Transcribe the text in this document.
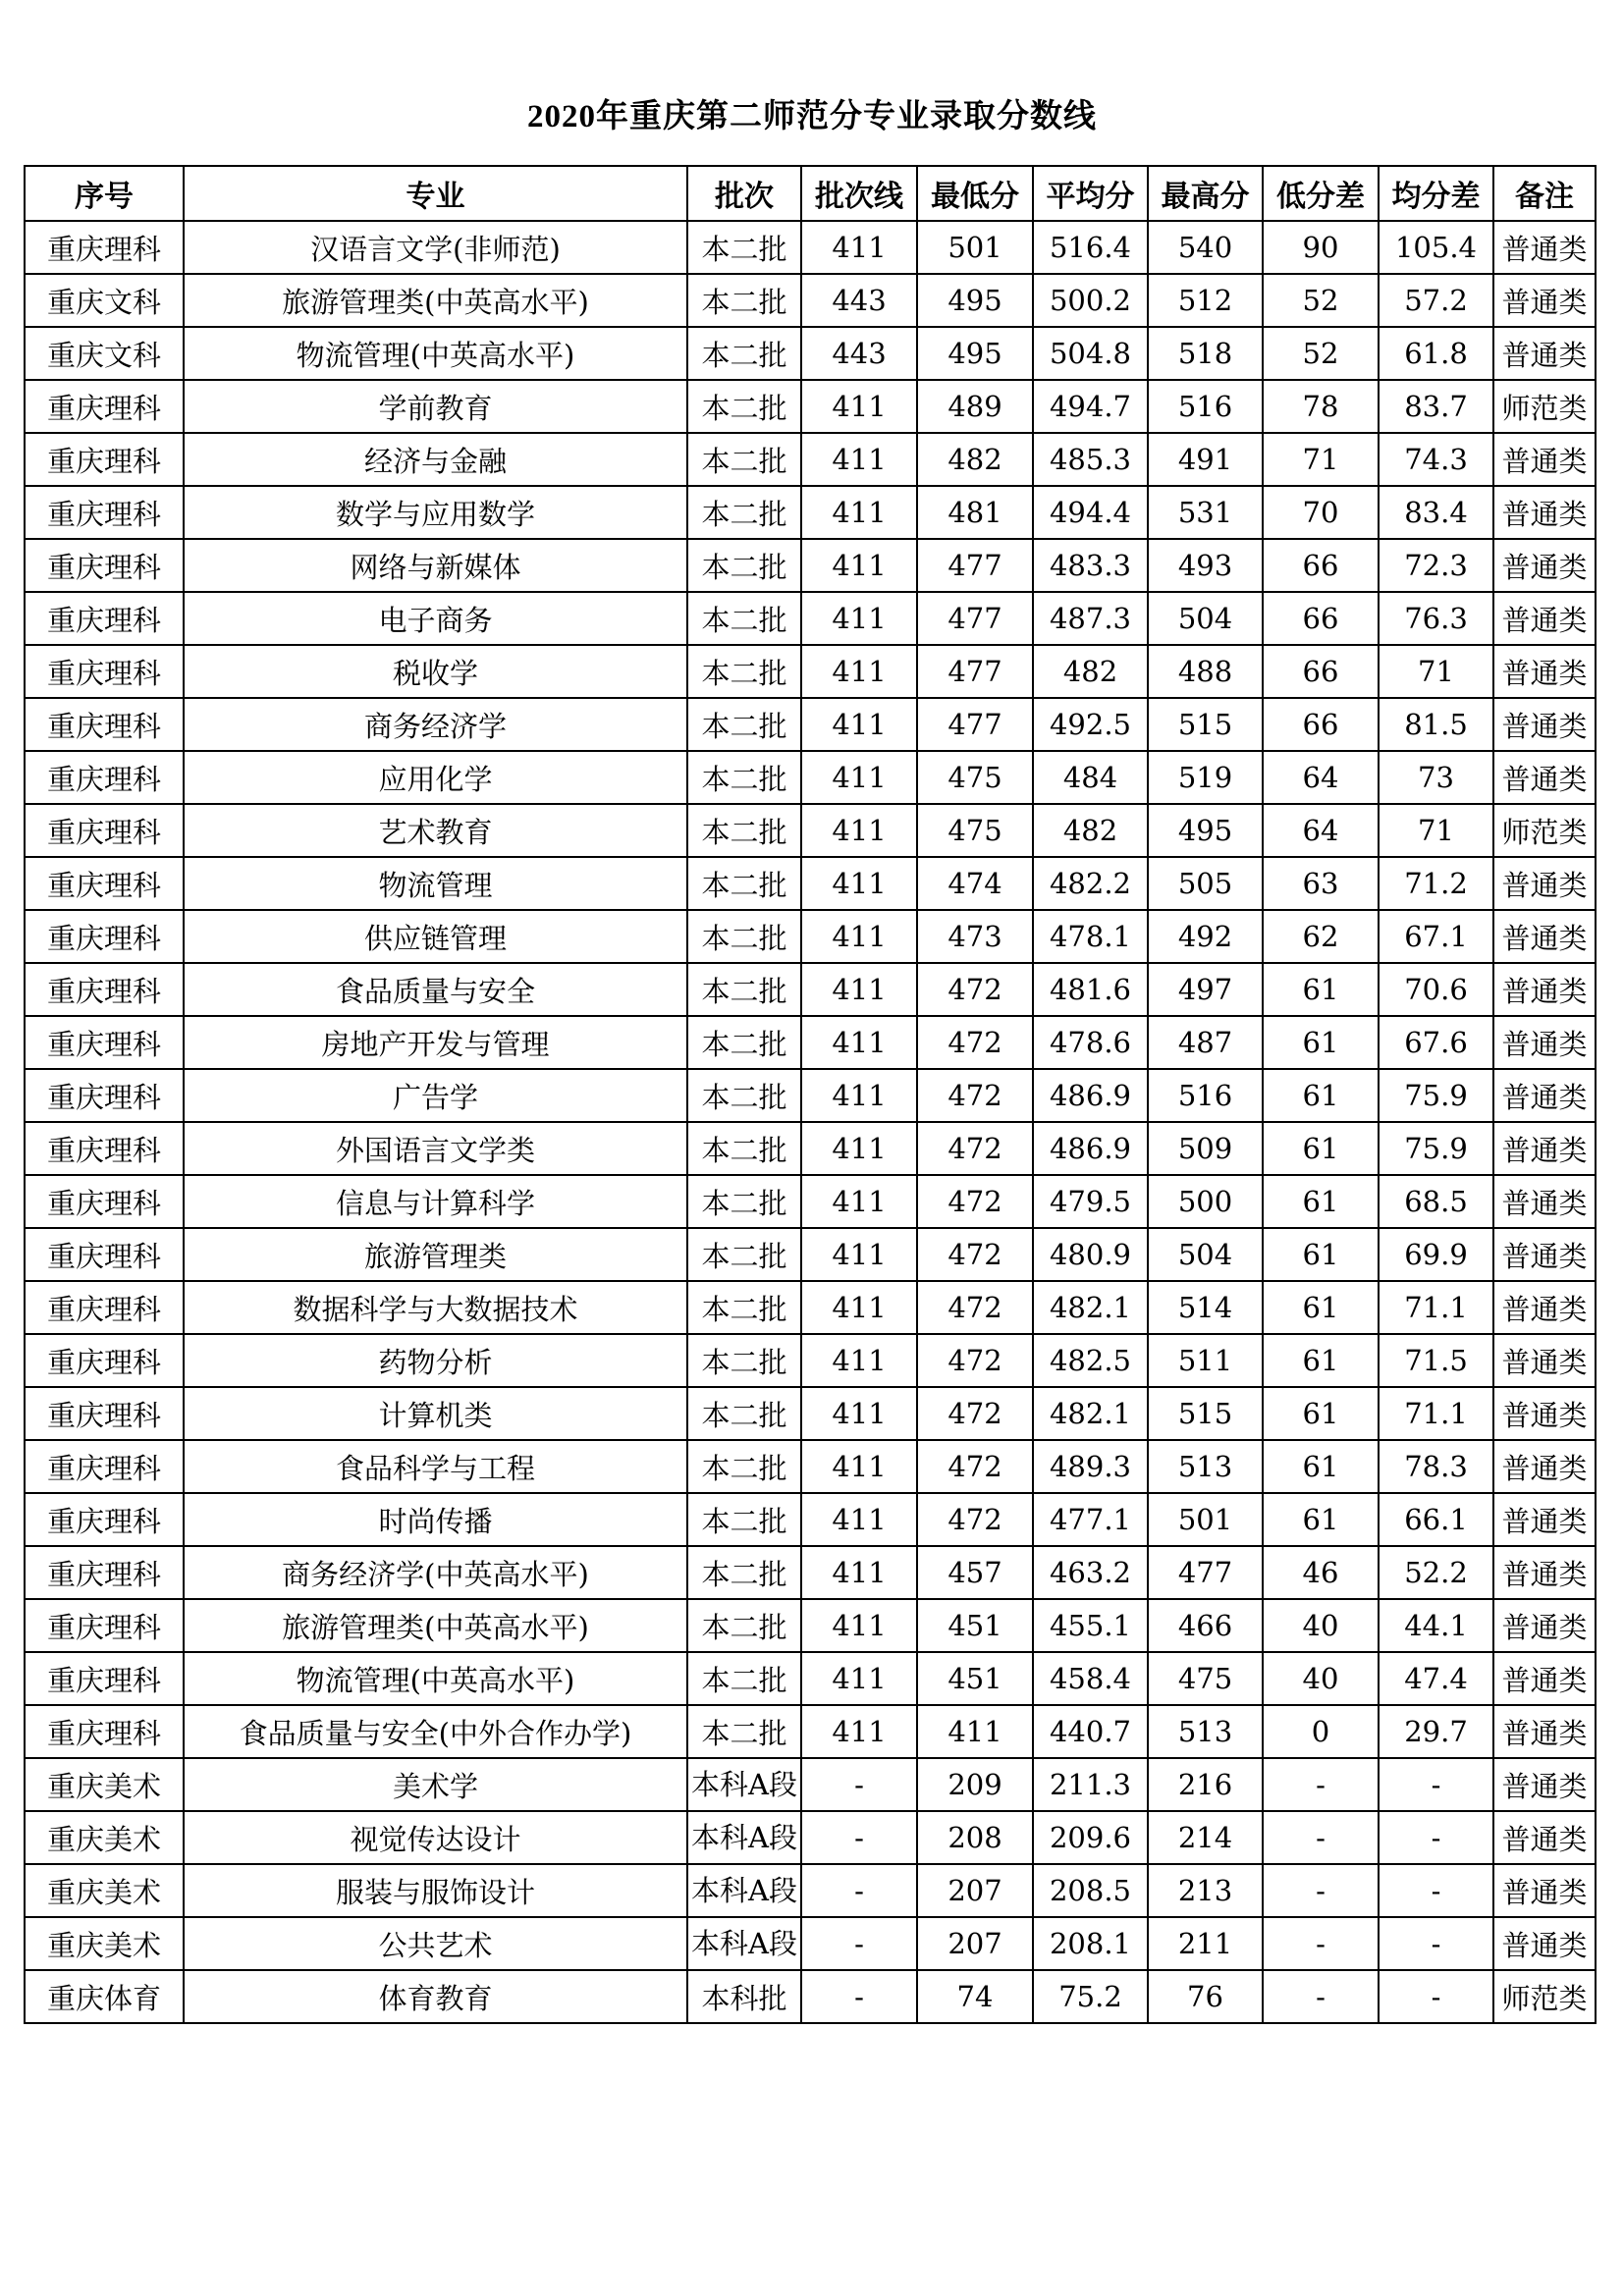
2020年重庆第二师范分专业录取分数线
序号	专业	批次	批次线	最低分	平均分	最高分	低分差	均分差	备注
重庆理科	汉语言文学(非师范)	本二批	411	501	516.4	540	90	105.4	普通类
重庆文科	旅游管理类(中英高水平)	本二批	443	495	500.2	512	52	57.2	普通类
重庆文科	物流管理(中英高水平)	本二批	443	495	504.8	518	52	61.8	普通类
重庆理科	学前教育	本二批	411	489	494.7	516	78	83.7	师范类
重庆理科	经济与金融	本二批	411	482	485.3	491	71	74.3	普通类
重庆理科	数学与应用数学	本二批	411	481	494.4	531	70	83.4	普通类
重庆理科	网络与新媒体	本二批	411	477	483.3	493	66	72.3	普通类
重庆理科	电子商务	本二批	411	477	487.3	504	66	76.3	普通类
重庆理科	税收学	本二批	411	477	482	488	66	71	普通类
重庆理科	商务经济学	本二批	411	477	492.5	515	66	81.5	普通类
重庆理科	应用化学	本二批	411	475	484	519	64	73	普通类
重庆理科	艺术教育	本二批	411	475	482	495	64	71	师范类
重庆理科	物流管理	本二批	411	474	482.2	505	63	71.2	普通类
重庆理科	供应链管理	本二批	411	473	478.1	492	62	67.1	普通类
重庆理科	食品质量与安全	本二批	411	472	481.6	497	61	70.6	普通类
重庆理科	房地产开发与管理	本二批	411	472	478.6	487	61	67.6	普通类
重庆理科	广告学	本二批	411	472	486.9	516	61	75.9	普通类
重庆理科	外国语言文学类	本二批	411	472	486.9	509	61	75.9	普通类
重庆理科	信息与计算科学	本二批	411	472	479.5	500	61	68.5	普通类
重庆理科	旅游管理类	本二批	411	472	480.9	504	61	69.9	普通类
重庆理科	数据科学与大数据技术	本二批	411	472	482.1	514	61	71.1	普通类
重庆理科	药物分析	本二批	411	472	482.5	511	61	71.5	普通类
重庆理科	计算机类	本二批	411	472	482.1	515	61	71.1	普通类
重庆理科	食品科学与工程	本二批	411	472	489.3	513	61	78.3	普通类
重庆理科	时尚传播	本二批	411	472	477.1	501	61	66.1	普通类
重庆理科	商务经济学(中英高水平)	本二批	411	457	463.2	477	46	52.2	普通类
重庆理科	旅游管理类(中英高水平)	本二批	411	451	455.1	466	40	44.1	普通类
重庆理科	物流管理(中英高水平)	本二批	411	451	458.4	475	40	47.4	普通类
重庆理科	食品质量与安全(中外合作办学)	本二批	411	411	440.7	513	0	29.7	普通类
重庆美术	美术学	本科A段	-	209	211.3	216	-	-	普通类
重庆美术	视觉传达设计	本科A段	-	208	209.6	214	-	-	普通类
重庆美术	服装与服饰设计	本科A段	-	207	208.5	213	-	-	普通类
重庆美术	公共艺术	本科A段	-	207	208.1	211	-	-	普通类
重庆体育	体育教育	本科批	-	74	75.2	76	-	-	师范类
